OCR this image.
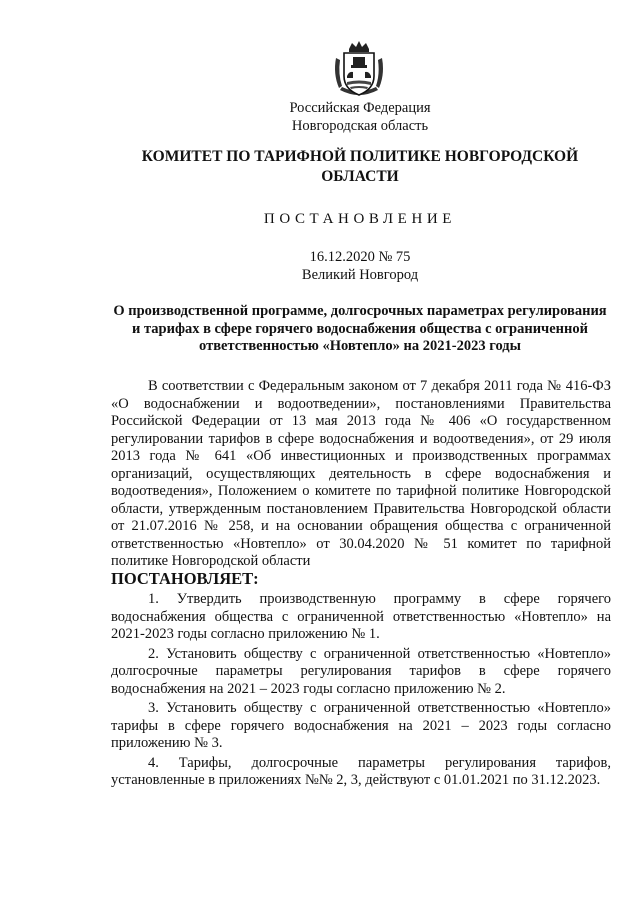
Российская Федерация
Новгородская область
КОМИТЕТ ПО ТАРИФНОЙ ПОЛИТИКЕ НОВГОРОДСКОЙ ОБЛАСТИ
ПОСТАНОВЛЕНИЕ
16.12.2020 № 75
Великий Новгород
О производственной программе, долгосрочных параметрах регулирования и тарифах в сфере горячего водоснабжения общества с ограниченной ответственностью «Новтепло» на 2021-2023 годы

В соответствии с Федеральным законом от 7 декабря 2011 года № 416-ФЗ «О водоснабжении и водоотведении», постановлениями Правительства Российской Федерации от 13 мая 2013 года № 406 «О государственном регулировании тарифов в сфере водоснабжения и водоотведения», от 29 июля 2013 года № 641 «Об инвестиционных и производственных программах организаций, осуществляющих деятельность в сфере водоснабжения и водоотведения», Положением о комитете по тарифной политике Новгородской области, утвержденным постановлением Правительства Новгородской области от 21.07.2016 № 258, и на основании обращения общества с ограниченной ответственностью «Новтепло» от 30.04.2020 № 51 комитет по тарифной политике Новгородской области

ПОСТАНОВЛЯЕТ:

1. Утвердить производственную программу в сфере горячего водоснабжения общества с ограниченной ответственностью «Новтепло» на 2021-2023 годы согласно приложению № 1.
2. Установить обществу с ограниченной ответственностью «Новтепло» долгосрочные параметры регулирования тарифов в сфере горячего водоснабжения на 2021 – 2023 годы согласно приложению № 2.
3. Установить обществу с ограниченной ответственностью «Новтепло» тарифы в сфере горячего водоснабжения на 2021 – 2023 годы согласно приложению № 3.
4. Тарифы, долгосрочные параметры регулирования тарифов, установленные в приложениях №№ 2, 3, действуют с 01.01.2021 по 31.12.2023.
